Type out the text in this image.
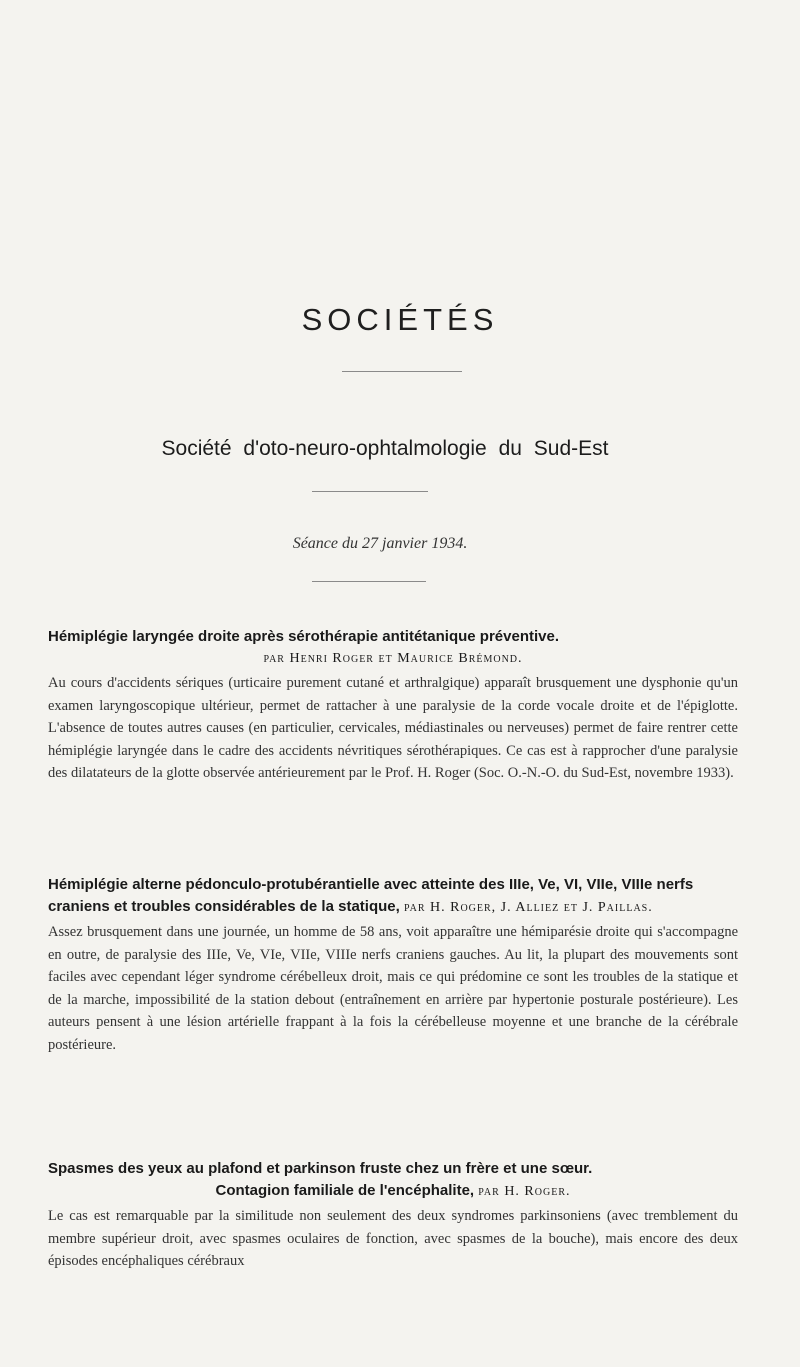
SOCIÉTÉS
Société d'oto-neuro-ophtalmologie du Sud-Est
Séance du 27 janvier 1934.
Hémiplégie laryngée droite après sérothérapie antitétanique préventive.
par Henri Roger et Maurice Brémond.
Au cours d'accidents sériques (urticaire purement cutané et arthralgique) apparaît brusquement une dysphonie qu'un examen laryngoscopique ultérieur, permet de rattacher à une paralysie de la corde vocale droite et de l'épiglotte. L'absence de toutes autres causes (en particulier, cervicales, médiastinales ou nerveuses) permet de faire rentrer cette hémiplégie laryngée dans le cadre des accidents névritiques sérothérapiques. Ce cas est à rapprocher d'une paralysie des dilatateurs de la glotte observée antérieurement par le Prof. H. Roger (Soc. O.-N.-O. du Sud-Est, novembre 1933).
Hémiplégie alterne pédonculo-protubérantielle avec atteinte des IIIe, Ve, VI, VIIe, VIIIe nerfs craniens et troubles considérables de la statique, par H. Roger, J. Alliez et J. Paillas.
Assez brusquement dans une journée, un homme de 58 ans, voit apparaître une hémiparésie droite qui s'accompagne en outre, de paralysie des IIIe, Ve, VIe, VIIe, VIIIe nerfs craniens gauches. Au lit, la plupart des mouvements sont faciles avec cependant léger syndrome cérébelleux droit, mais ce qui prédomine ce sont les troubles de la statique et de la marche, impossibilité de la station debout (entraînement en arrière par hypertonie posturale postérieure). Les auteurs pensent à une lésion artérielle frappant à la fois la cérébelleuse moyenne et une branche de la cérébrale postérieure.
Spasmes des yeux au plafond et parkinson fruste chez un frère et une sœur.
Contagion familiale de l'encéphalite, par H. Roger.
Le cas est remarquable par la similitude non seulement des deux syndromes parkinsoniens (avec tremblement du membre supérieur droit, avec spasmes oculaires de fonction, avec spasmes de la bouche), mais encore des deux épisodes encéphaliques cérébraux
